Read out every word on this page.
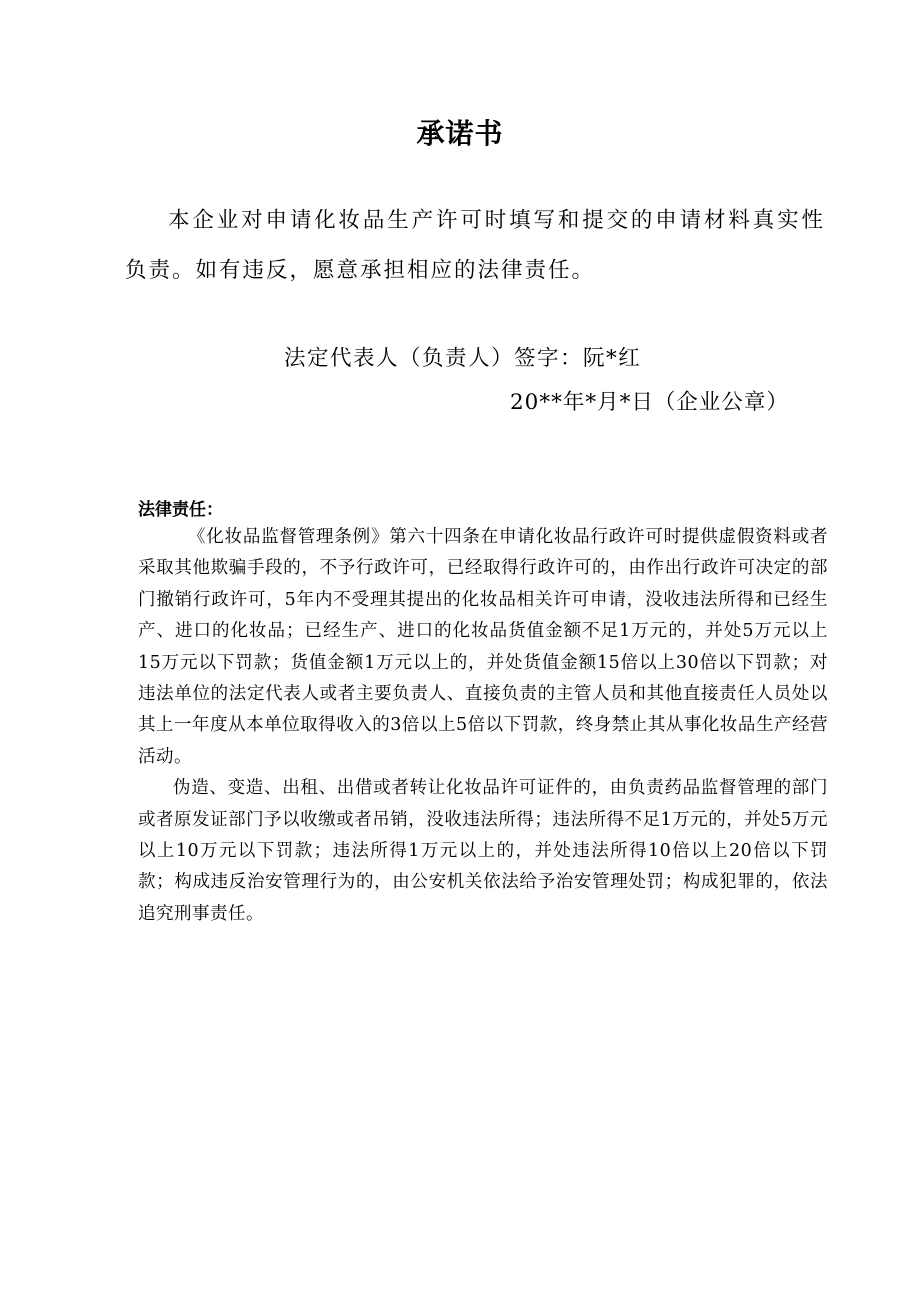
承诺书
本企业对申请化妆品生产许可时填写和提交的申请材料真实性负责。如有违反，愿意承担相应的法律责任。
法定代表人（负责人）签字：阮*红
20**年*月*日（企业公章）
法律责任：

《化妆品监督管理条例》第六十四条在申请化妆品行政许可时提供虚假资料或者采取其他欺骗手段的，不予行政许可，已经取得行政许可的，由作出行政许可决定的部门撤销行政许可，5年内不受理其提出的化妆品相关许可申请，没收违法所得和已经生产、进口的化妆品；已经生产、进口的化妆品货值金额不足1万元的，并处5万元以上15万元以下罚款；货值金额1万元以上的，并处货值金额15倍以上30倍以下罚款；对违法单位的法定代表人或者主要负责人、直接负责的主管人员和其他直接责任人员处以其上一年度从本单位取得收入的3倍以上5倍以下罚款，终身禁止其从事化妆品生产经营活动。

伪造、变造、出租、出借或者转让化妆品许可证件的，由负责药品监督管理的部门或者原发证部门予以收缴或者吊销，没收违法所得；违法所得不足1万元的，并处5万元以上10万元以下罚款；违法所得1万元以上的，并处违法所得10倍以上20倍以下罚款；构成违反治安管理行为的，由公安机关依法给予治安管理处罚；构成犯罪的，依法追究刑事责任。
